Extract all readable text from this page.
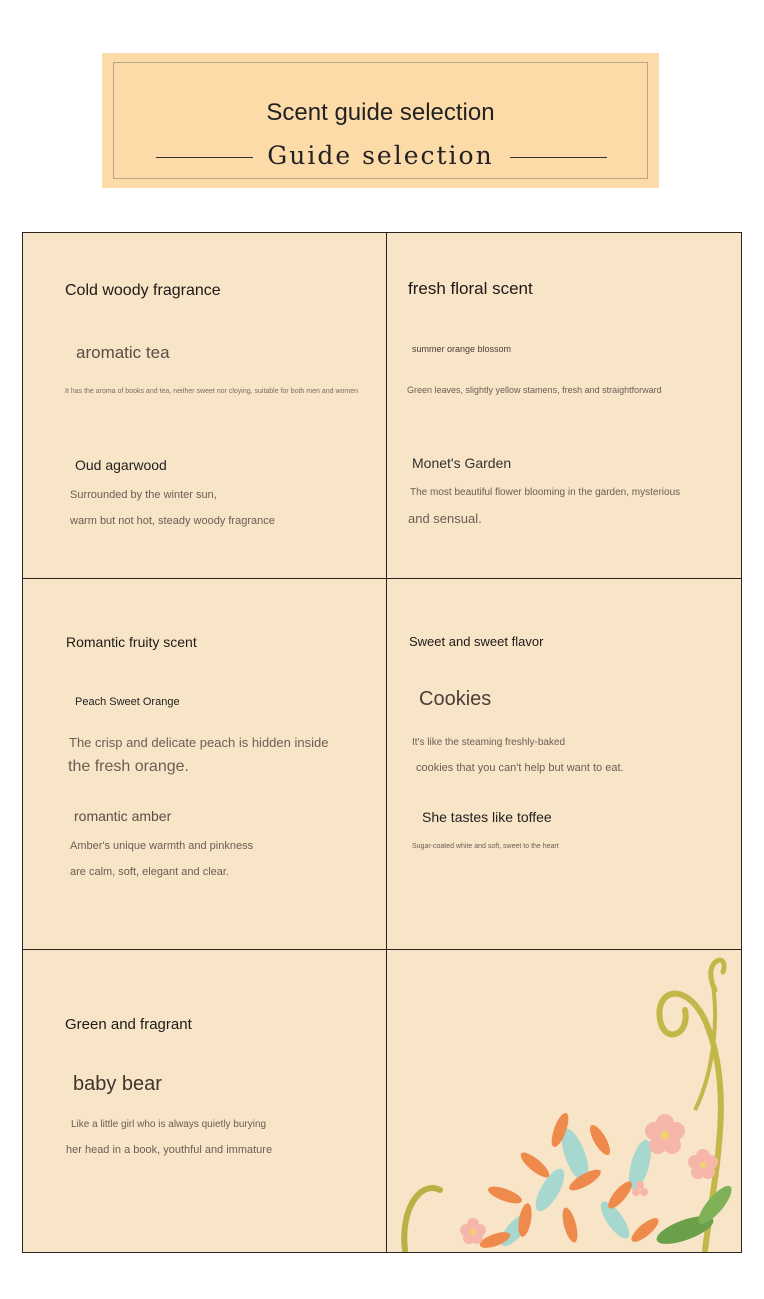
Scent guide selection
Guide selection
Cold woody fragrance
aromatic tea
It has the aroma of books and tea, neither sweet nor cloying, suitable for both men and women
Oud agarwood
Surrounded by the winter sun,
warm but not hot, steady woody fragrance
fresh floral scent
summer orange blossom
Green leaves, slightly yellow stamens, fresh and straightforward
Monet's Garden
The most beautiful flower blooming in the garden, mysterious
and sensual.
Romantic fruity scent
Peach Sweet Orange
The crisp and delicate peach is hidden inside
the fresh orange.
romantic amber
Amber's unique warmth and pinkness
are calm, soft, elegant and clear.
Sweet and sweet flavor
Cookies
It's like the steaming freshly-baked
cookies that you can't help but want to eat.
She tastes like toffee
Sugar-coated white and soft, sweet to the heart
Green and fragrant
baby bear
Like a little girl who is always quietly burying
her head in a book, youthful and immature
